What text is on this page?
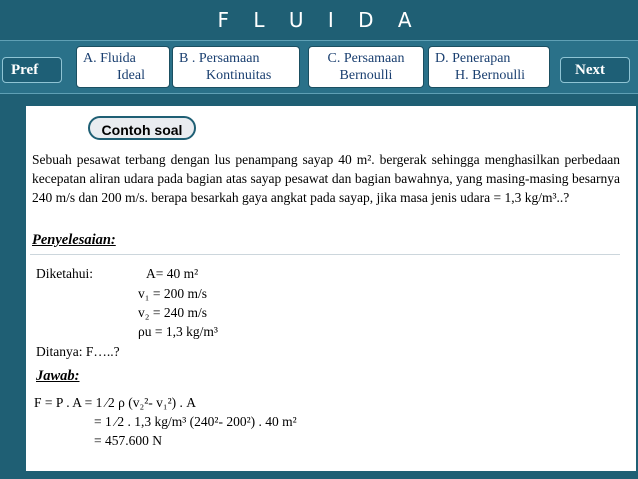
F L U I D A
Pref
A. Fluida
Ideal
B . Persamaan
Kontinuitas
C. Persamaan
Bernoulli
D. Penerapan
H. Bernoulli	Next
Contoh soal
Sebuah pesawat terbang dengan lus penampang sayap 40 m². bergerak sehingga menghasilkan perbedaan kecepatan aliran udara pada bagian atas sayap pesawat dan bagian bawahnya, yang masing-masing besarnya 240 m/s dan 200 m/s. berapa besarkah gaya angkat pada sayap, jika masa jenis udara = 1,3 kg/m³..?
Penyelesaian:
Diketahui:	A= 40 m²
v₁ = 200 m/s
v₂ = 240 m/s
ρu = 1,3 kg/m³
Ditanya: F…..?
Jawab:
F = P . A = 1 ⁄2 ρ (v₂²- v₁²) . A
= 1 ⁄2 . 1,3 kg/m³ (240²- 200²) . 40 m²
= 457.600 N
